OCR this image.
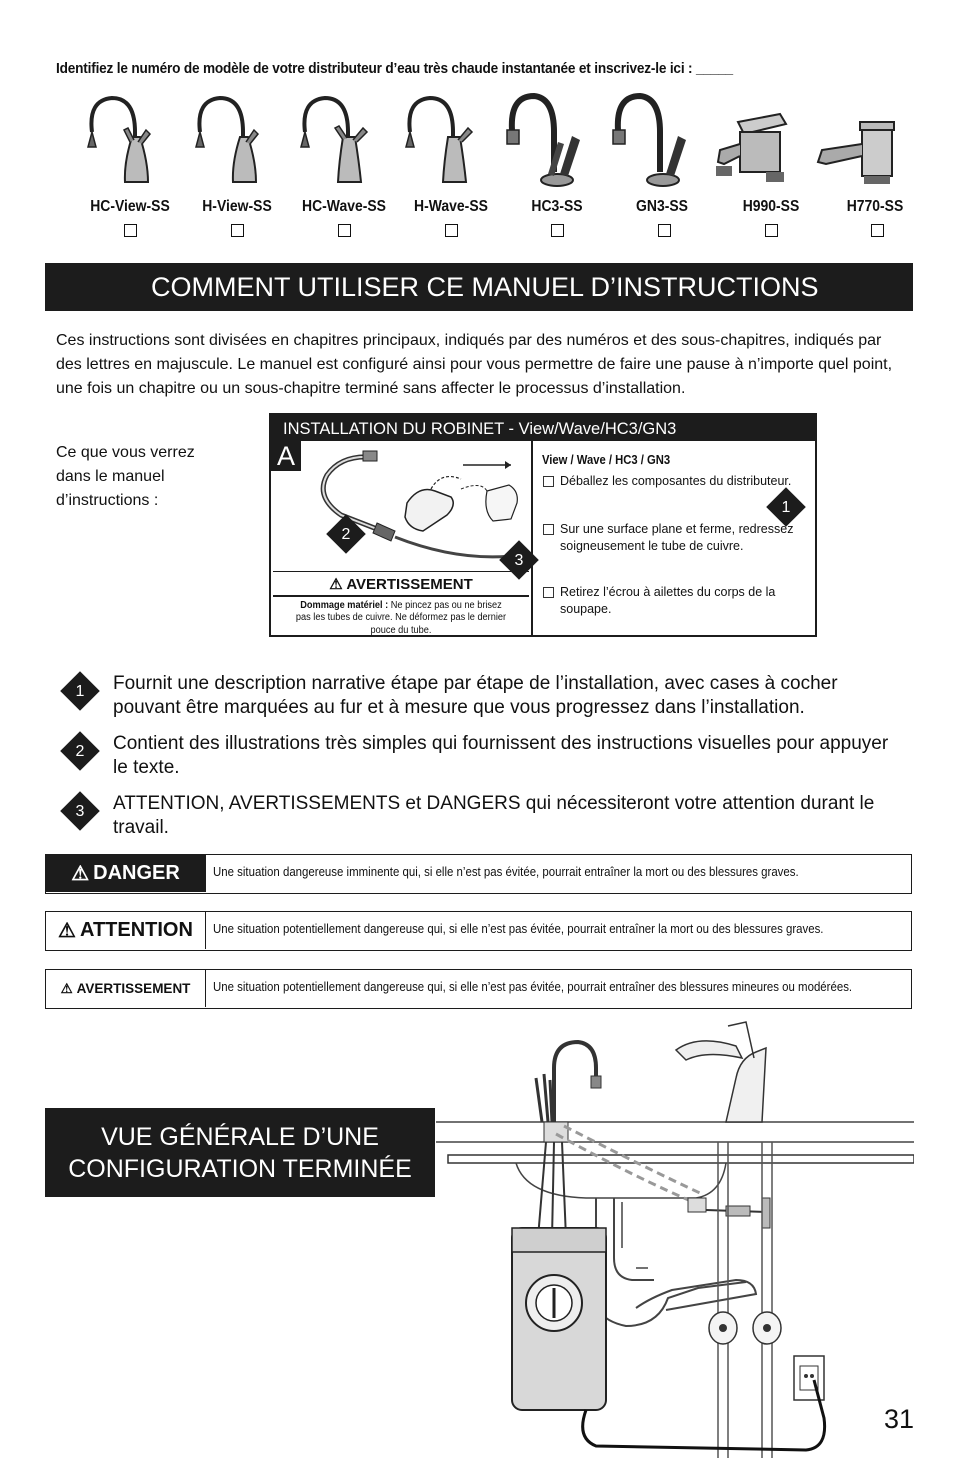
Identifiez le numéro de modèle de votre distributeur d’eau très chaude instantanée et inscrivez-le ici : _____
HC-View-SS	H-View-SS	HC-Wave-SS	H-Wave-SS	HC3-SS	GN3-SS	H990-SS	H770-SS
COMMENT UTILISER CE MANUEL D’INSTRUCTIONS
Ces instructions sont divisées en chapitres principaux, indiqués par des numéros et des sous-chapitres, indiqués par des lettres en majuscule. Le manuel est configuré ainsi pour vous permettre de faire une pause à n’importe quel point, une fois un chapitre ou un sous-chapitre terminé sans affecter le processus d’installation.
Ce que vous verrez dans le manuel d’instructions :
INSTALLATION DU ROBINET - View/Wave/HC3/GN3
A
2
3
1
⚠ AVERTISSEMENT
Dommage matériel : Ne pincez pas ou ne brisez pas les tubes de cuivre. Ne déformez pas le dernier pouce du tube.
View / Wave / HC3 / GN3
Déballez les composantes du distributeur.
Sur une surface plane et ferme, redressez soigneusement le tube de cuivre.
Retirez l’écrou à ailettes du corps de la soupape.
1	Fournit une description narrative étape par étape de l’installation, avec cases à cocher pouvant être marquées au fur et à mesure que vous progressez dans l’installation.
2	Contient des illustrations très simples qui fournissent des instructions visuelles pour appuyer le texte.
3	ATTENTION, AVERTISSEMENTS et DANGERS qui nécessiteront votre attention durant le travail.
⚠ DANGER	Une situation dangereuse imminente qui, si elle n’est pas évitée, pourrait entraîner la mort ou des blessures graves.
⚠ ATTENTION Une situation potentiellement dangereuse qui, si elle n’est pas évitée, pourrait entraîner la mort ou des blessures graves.
⚠ AVERTISSEMENT Une situation potentiellement dangereuse qui, si elle n’est pas évitée, pourrait entraîner des blessures mineures ou modérées.
VUE GÉNÉRALE D’UNE
CONFIGURATION TERMINÉE
31
